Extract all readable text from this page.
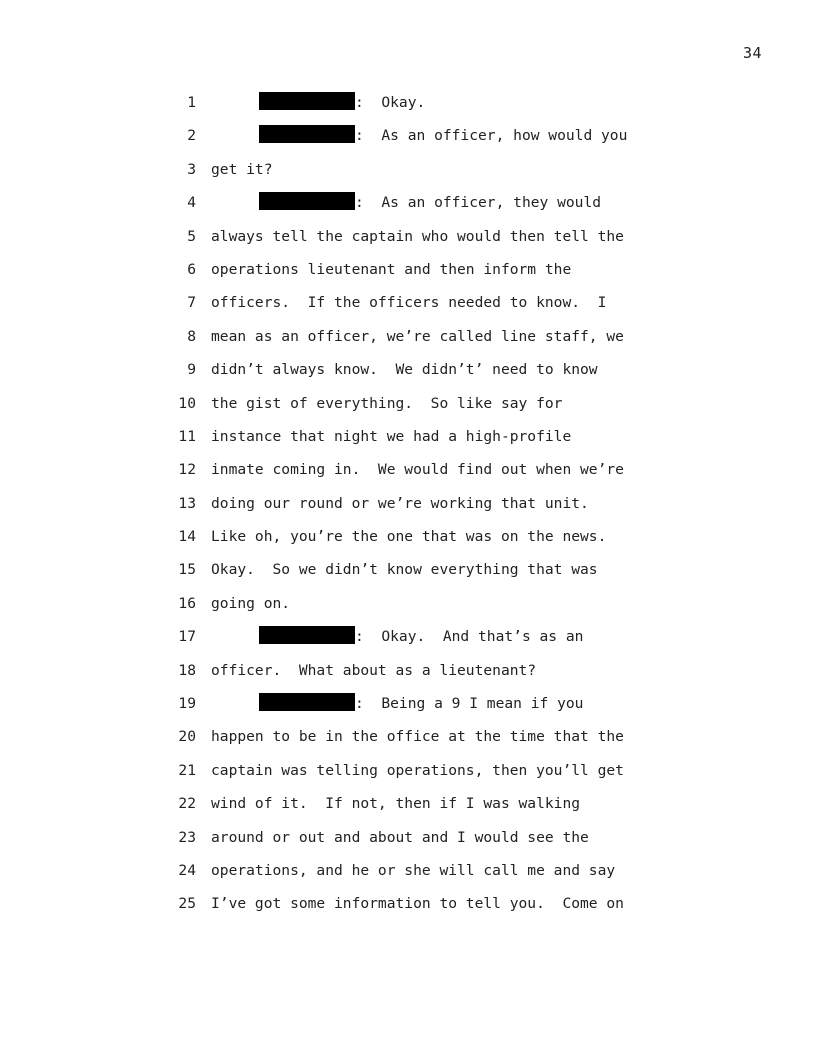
34
1	:  Okay.
2	:  As an officer, how would you
3 get it?
4	:  As an officer, they would
5 always tell the captain who would then tell the
6 operations lieutenant and then inform the
7 officers.  If the officers needed to know.  I
8 mean as an officer, we’re called line staff, we
9 didn’t always know.  We didn’t’ need to know
10 the gist of everything.  So like say for
11 instance that night we had a high-profile
12 inmate coming in.  We would find out when we’re
13 doing our round or we’re working that unit.
14 Like oh, you’re the one that was on the news.
15 Okay.  So we didn’t know everything that was
16 going on.
17	:  Okay.  And that’s as an
18 officer.  What about as a lieutenant?
19	:  Being a 9 I mean if you
20 happen to be in the office at the time that the
21 captain was telling operations, then you’ll get
22 wind of it.  If not, then if I was walking
23 around or out and about and I would see the
24 operations, and he or she will call me and say
25 I’ve got some information to tell you.  Come on
